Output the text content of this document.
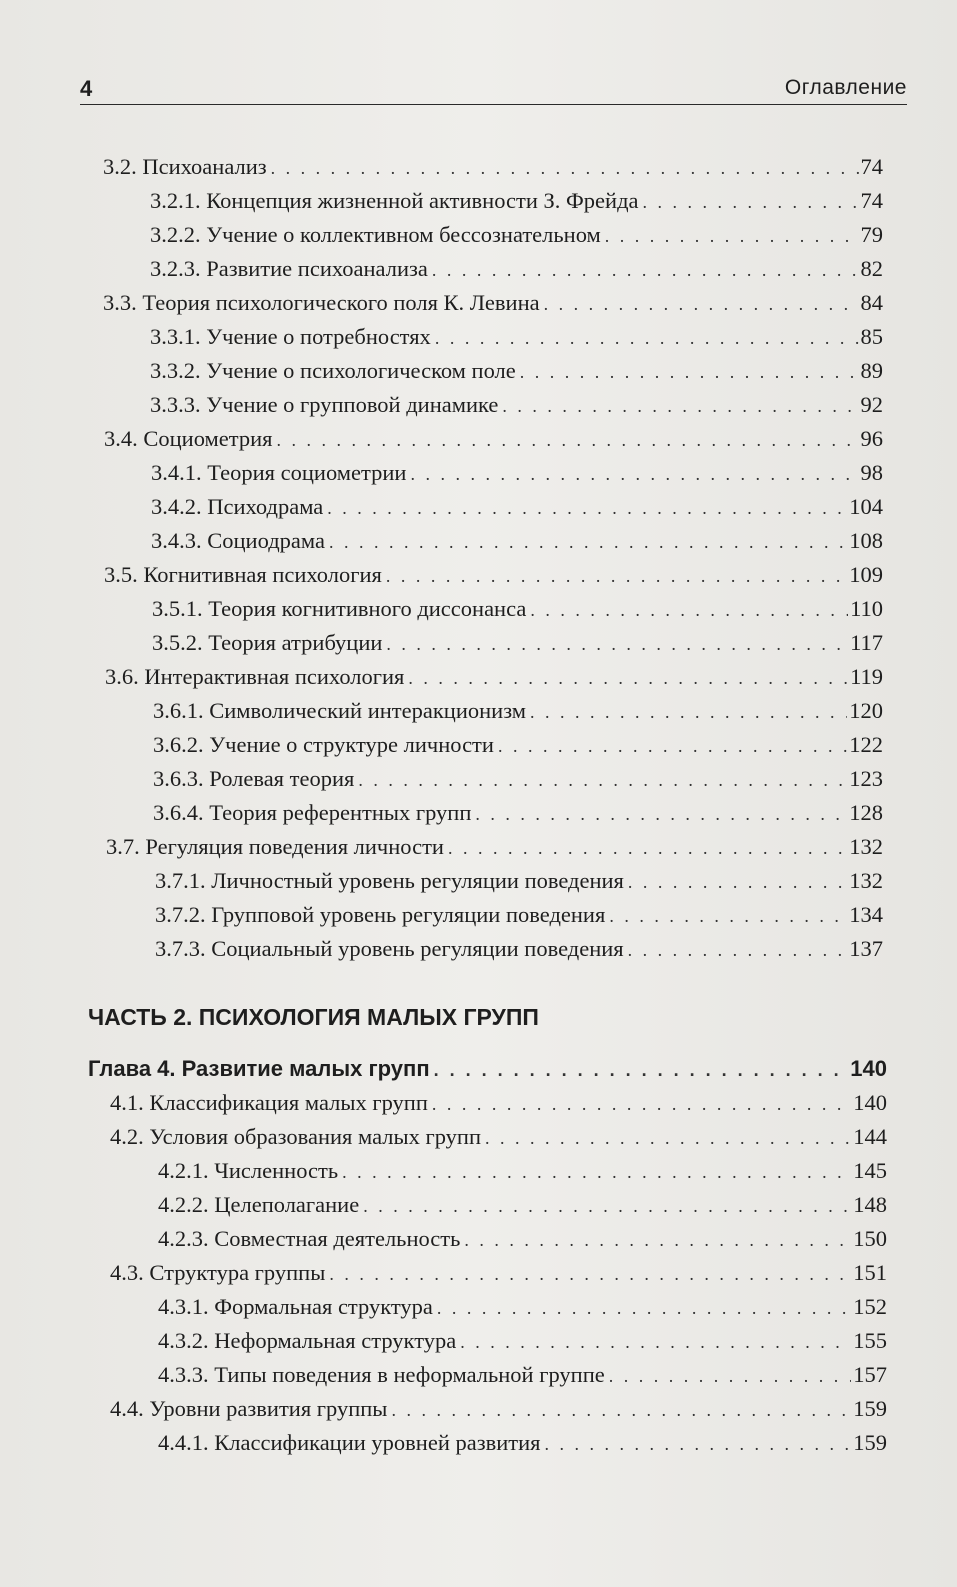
4	Оглавление
3.2. Психоанализ . . .	74
3.2.1. Концепция жизненной активности З. Фрейда . . .	74
3.2.2. Учение о коллективном бессознательном . . .	79
3.2.3. Развитие психоанализа . . .	82
3.3. Теория психологического поля К. Левина . . .	84
3.3.1. Учение о потребностях . . .	85
3.3.2. Учение о психологическом поле . . .	89
3.3.3. Учение о групповой динамике . . .	92
3.4. Социометрия . . .	96
3.4.1. Теория социометрии . . .	98
3.4.2. Психодрама . . .	104
3.4.3. Социодрама . . .	108
3.5. Когнитивная психология . . .	109
3.5.1. Теория когнитивного диссонанса . . .	110
3.5.2. Теория атрибуции . . .	117
3.6. Интерактивная психология . . .	119
3.6.1. Символический интеракционизм . . .	120
3.6.2. Учение о структуре личности . . .	122
3.6.3. Ролевая теория . . .	123
3.6.4. Теория референтных групп . . .	128
3.7. Регуляция поведения личности . . .	132
3.7.1. Личностный уровень регуляции поведения . . .	132
3.7.2. Групповой уровень регуляции поведения . . .	134
3.7.3. Социальный уровень регуляции поведения . . .	137
ЧАСТЬ 2. ПСИХОЛОГИЯ МАЛЫХ ГРУПП
Глава 4. Развитие малых групп . . .	140
4.1. Классификация малых групп . . .	140
4.2. Условия образования малых групп . . .	144
4.2.1. Численность . . .	145
4.2.2. Целеполагание . . .	148
4.2.3. Совместная деятельность . . .	150
4.3. Структура группы . . .	151
4.3.1. Формальная структура . . .	152
4.3.2. Неформальная структура . . .	155
4.3.3. Типы поведения в неформальной группе . . .	157
4.4. Уровни развития группы . . .	159
4.4.1. Классификации уровней развития . . .	159
